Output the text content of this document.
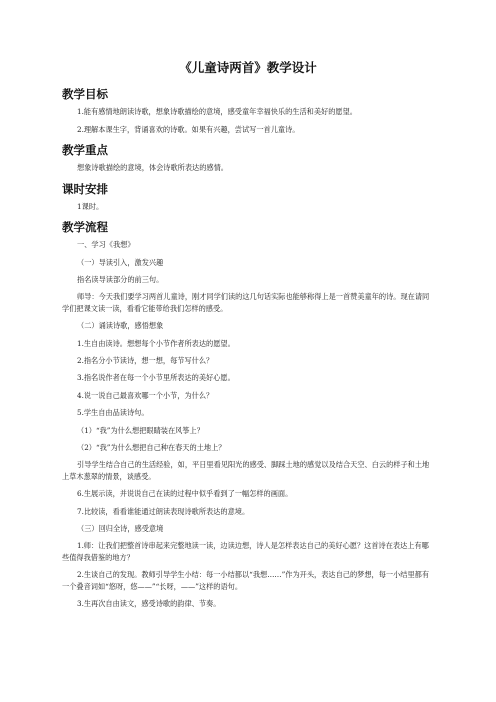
《儿童诗两首》教学设计
教学目标

1.能有感情地朗读诗歌，想象诗歌描绘的意境，感受童年幸福快乐的生活和美好的愿望。

2.理解本课生字，背诵喜欢的诗歌。如果有兴趣，尝试写一首儿童诗。

教学重点

想象诗歌描绘的意境，体会诗歌所表达的感情。

课时安排

1课时。

教学流程

一、学习《我想》

（一）导读引入，激发兴趣

指名读导读部分的前三句。

师导：今天我们要学习两首儿童诗，刚才同学们读的这几句话实际也能够称得上是一首赞美童年的诗。现在请同学们把课文读一读，看看它能带给我们怎样的感受。

（二）诵读诗歌，感悟想象

1.生自由读诗。想想每个小节作者所表达的愿望。

2.指名分小节读诗，想一想，每节写什么？

3.指名说作者在每一个小节里所表达的美好心愿。

4.说一说自己最喜欢哪一个小节，为什么？

5.学生自由品读诗句。

（1）“我”为什么想把眼睛装在风筝上？

（2）“我”为什么想把自己种在春天的土地上？

引导学生结合自己的生活经验，如，平日里看见阳光的感受、脚踩土地的感觉以及结合天空、白云的样子和土地上草木葱翠的情景，谈感受。

6.生展示读，并说说自己在读的过程中似乎看到了一幅怎样的画面。

7.比较读，看看谁能通过朗读表现诗歌所表达的意境。

（三）回归全诗，感受意境

1.师：让我们把整首诗串起来完整地读一读，边读边想，诗人是怎样表达自己的美好心愿？这首诗在表达上有哪些值得我借鉴的地方？

2.生谈自己的发现。教师引导学生小结：每一小结都以“我想……”作为开头，表达自己的梦想，每一小结里都有一个叠音词如“悠呀，悠——”“长呀，——”这样的语句。

3.生再次自由读文，感受诗歌的韵律、节奏。
